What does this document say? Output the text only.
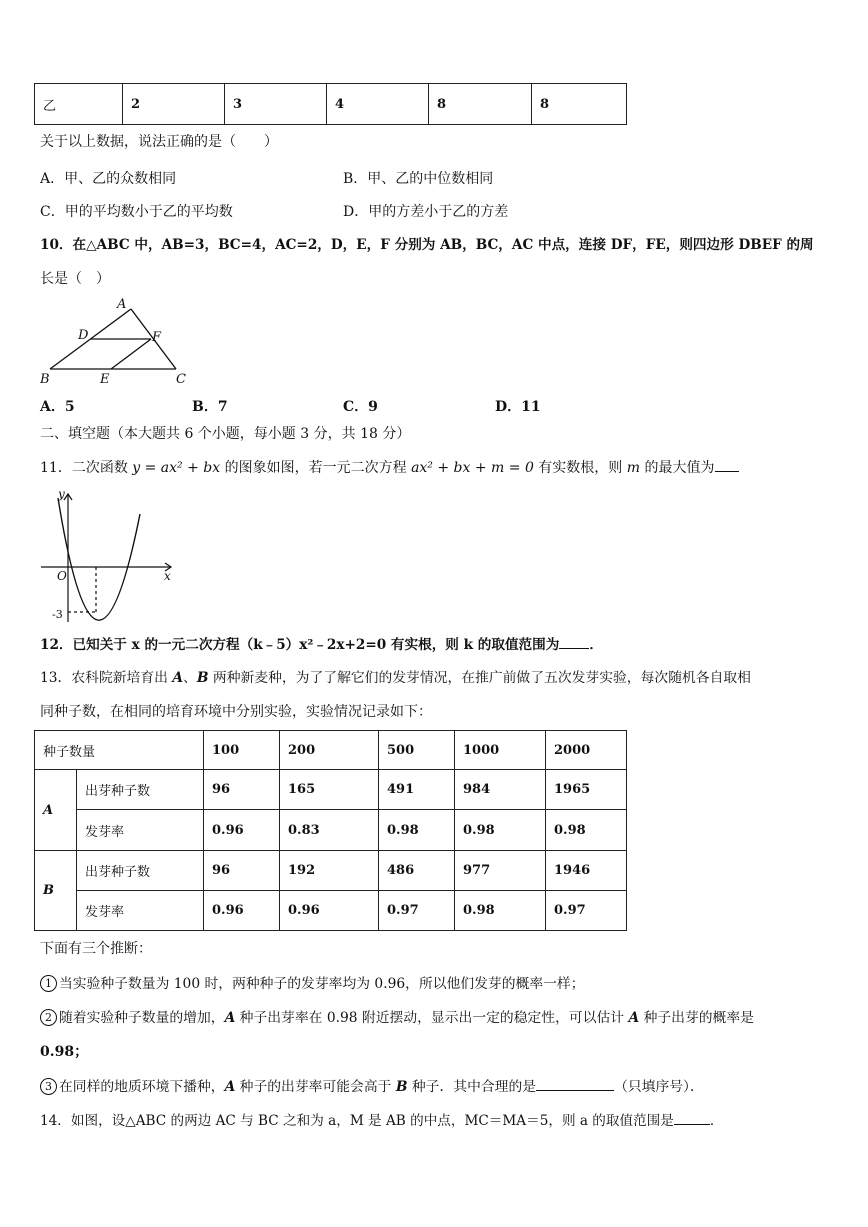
乙	2	3	4	8	8
关于以上数据，说法正确的是（　　）
A．甲、乙的众数相同	B．甲、乙的中位数相同
C．甲的平均数小于乙的平均数	D．甲的方差小于乙的方差
10．在△ABC 中，AB=3，BC=4，AC=2，D，E，F 分别为 AB，BC，AC 中点，连接 DF，FE，则四边形 DBEF 的周
长是（　）
A
D	F
B	E	C
A．5	B．7	C．9	D．11
二、填空题（本大题共 6 个小题，每小题 3 分，共 18 分）
11．二次函数 y = ax² + bx 的图象如图，若一元二次方程 ax² + bx + m = 0 有实数根，则 m 的最大值为
y
x
O
-3
12．已知关于 x 的一元二次方程（k﹣5）x²﹣2x+2=0 有实根，则 k 的取值范围为 ．
13．农科院新培育出 A、B 两种新麦种，为了了解它们的发芽情况，在推广前做了五次发芽实验，每次随机各自取相
同种子数，在相同的培育环境中分别实验，实验情况记录如下：
种子数量		100	200	500	1000	2000
A	出芽种子数	96	165	491	984	1965
	发芽率	0.96	0.83	0.98	0.98	0.98
B	出芽种子数	96	192	486	977	1946
	发芽率	0.96	0.96	0.97	0.98	0.97
下面有三个推断：
1 当实验种子数量为 100 时，两种种子的发芽率均为 0.96，所以他们发芽的概率一样；
2 随着实验种子数量的增加，A 种子出芽率在 0.98 附近摆动，显示出一定的稳定性，可以估计 A 种子出芽的概率是
0.98；
3 在同样的地质环境下播种，A 种子的出芽率可能会高于 B 种子．其中合理的是	（只填序号）．
14．如图，设△ABC 的两边 AC 与 BC 之和为 a，M 是 AB 的中点，MC＝MA＝5，则 a 的取值范围是	．
